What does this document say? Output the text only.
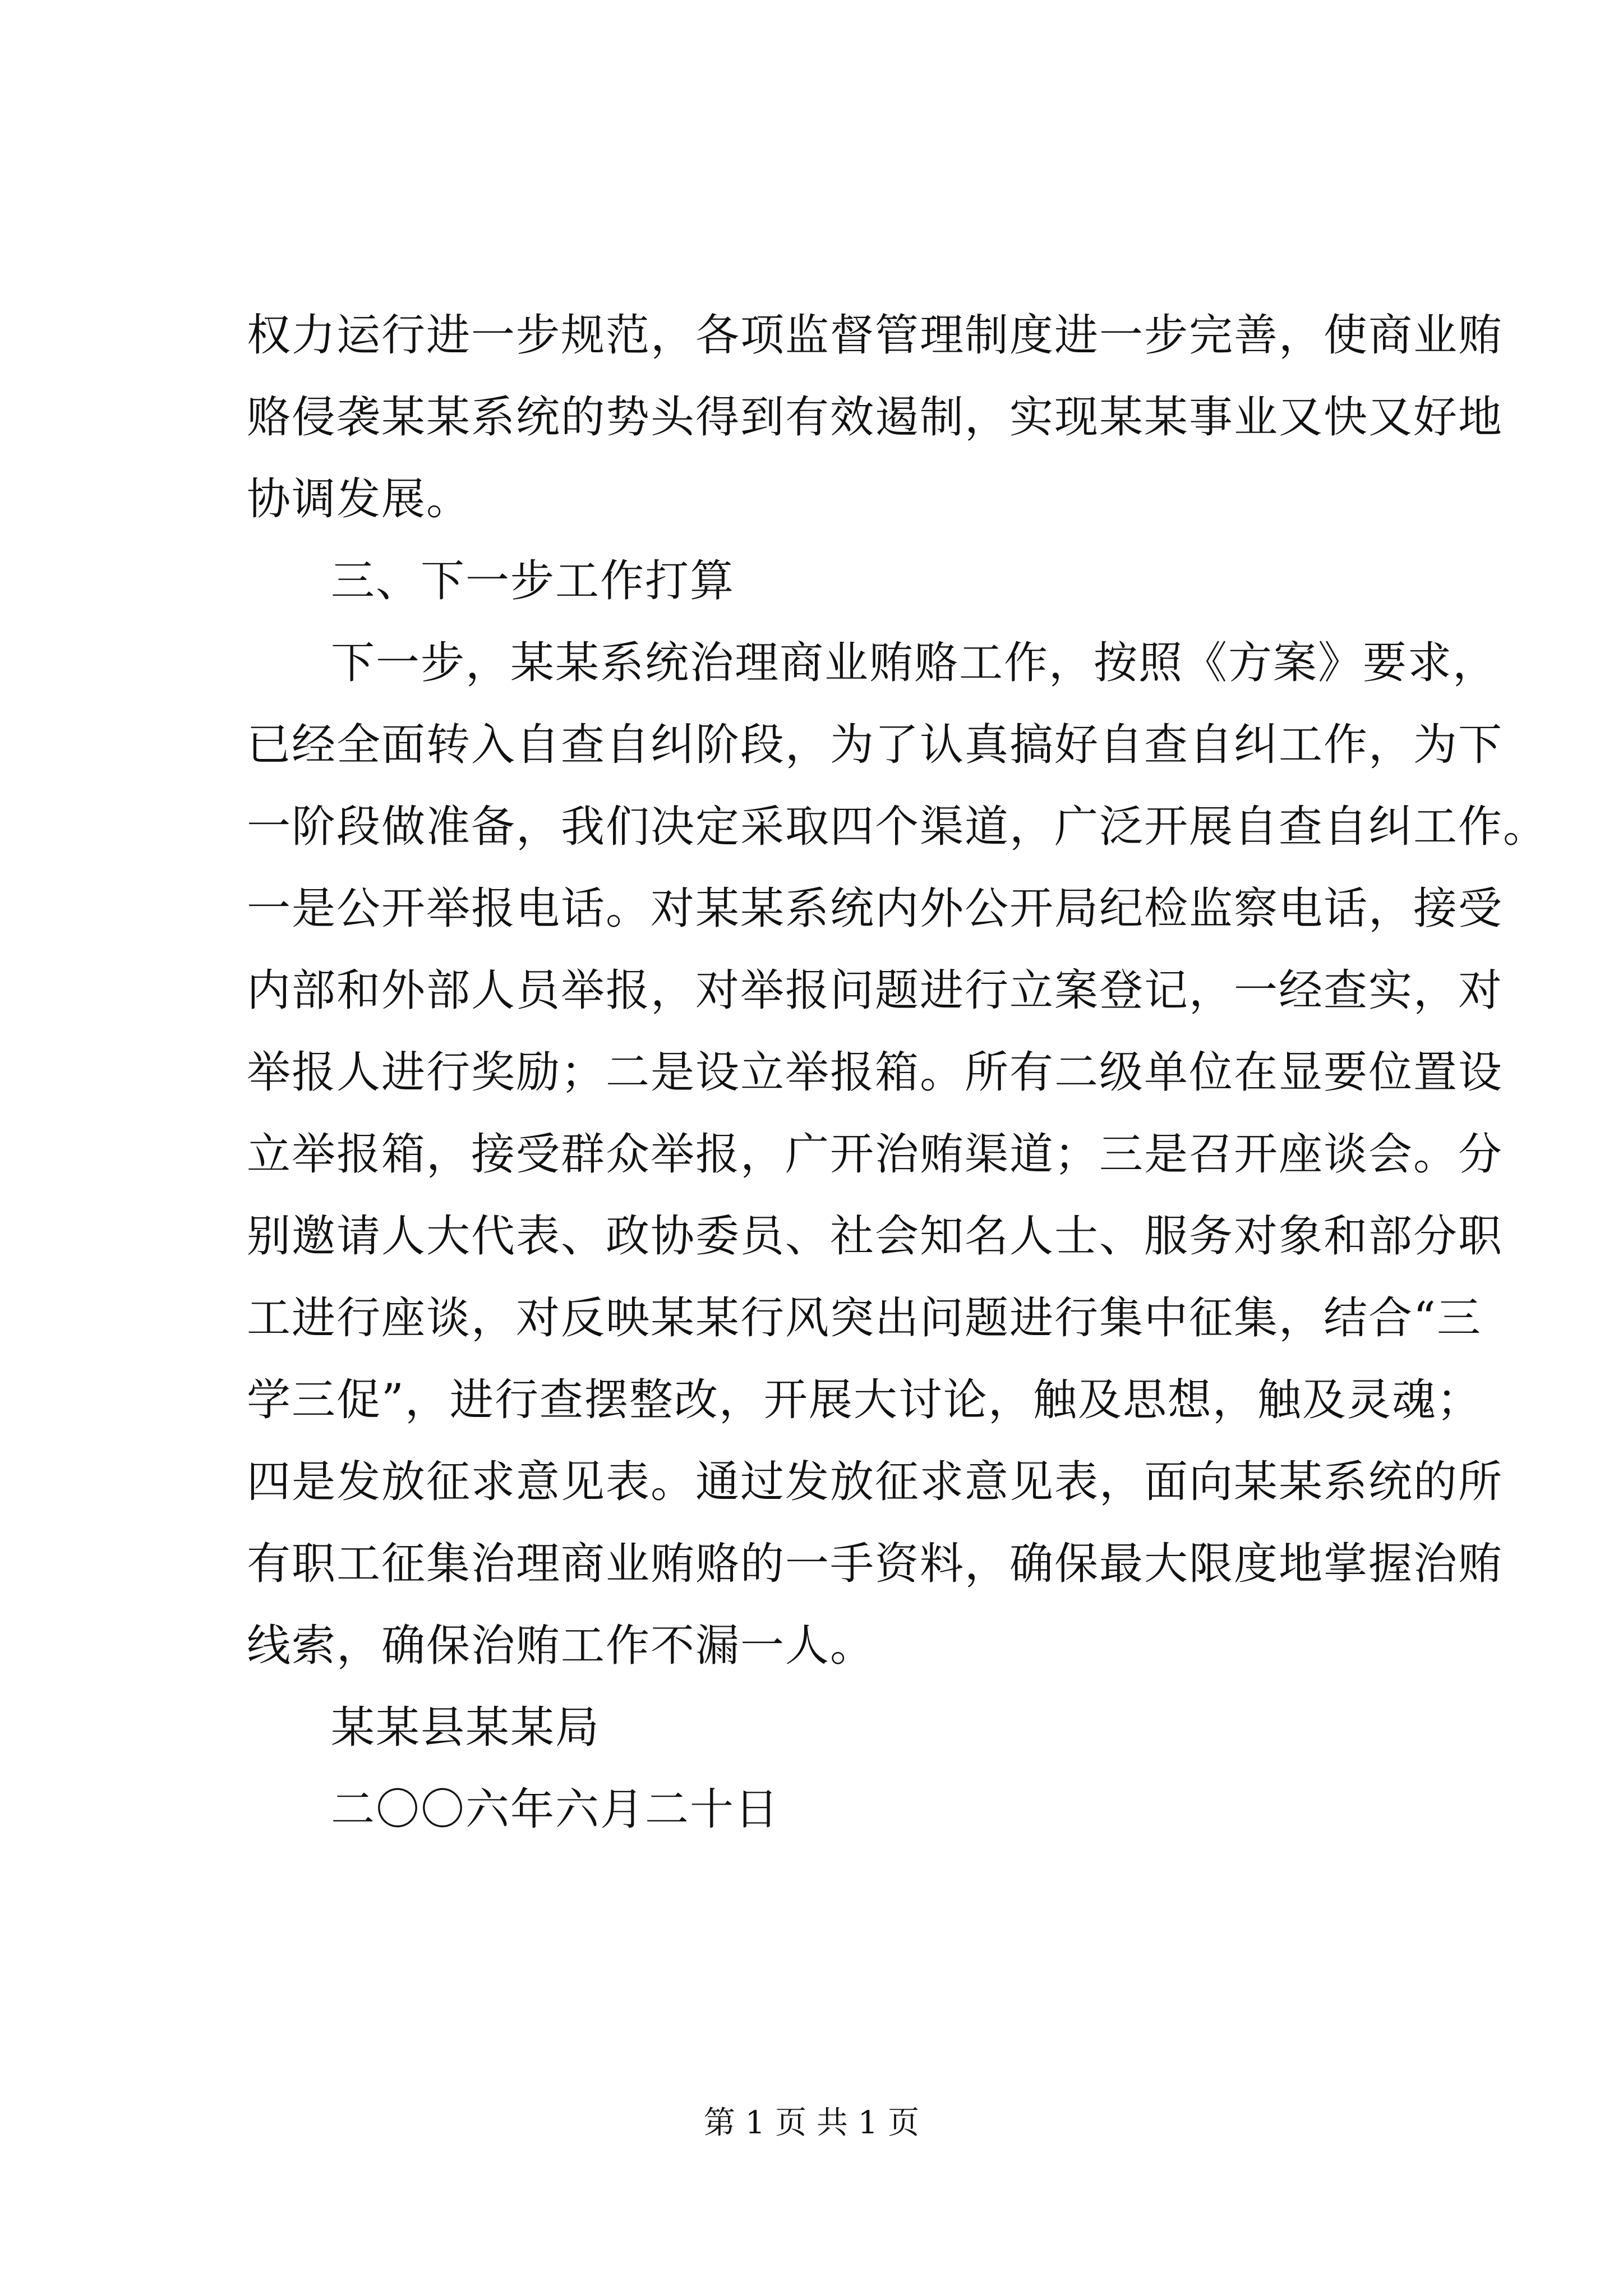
权力运行进一步规范，各项监督管理制度进一步完善，使商业贿
赂侵袭某某系统的势头得到有效遏制，实现某某事业又快又好地
协调发展。
三、下一步工作打算
下一步，某某系统治理商业贿赂工作，按照《方案》要求，
已经全面转入自查自纠阶段，为了认真搞好自查自纠工作，为下
一阶段做准备，我们决定采取四个渠道，广泛开展自查自纠工作。
一是公开举报电话。对某某系统内外公开局纪检监察电话，接受
内部和外部人员举报，对举报问题进行立案登记，一经查实，对
举报人进行奖励；二是设立举报箱。所有二级单位在显要位置设
立举报箱，接受群众举报，广开治贿渠道；三是召开座谈会。分
别邀请人大代表、政协委员、社会知名人士、服务对象和部分职
工进行座谈，对反映某某行风突出问题进行集中征集，结合“三
学三促”，进行查摆整改，开展大讨论，触及思想，触及灵魂；
四是发放征求意见表。通过发放征求意见表，面向某某系统的所
有职工征集治理商业贿赂的一手资料，确保最大限度地掌握治贿
线索，确保治贿工作不漏一人。
某某县某某局
二〇〇六年六月二十日
第 1 页 共 1 页
